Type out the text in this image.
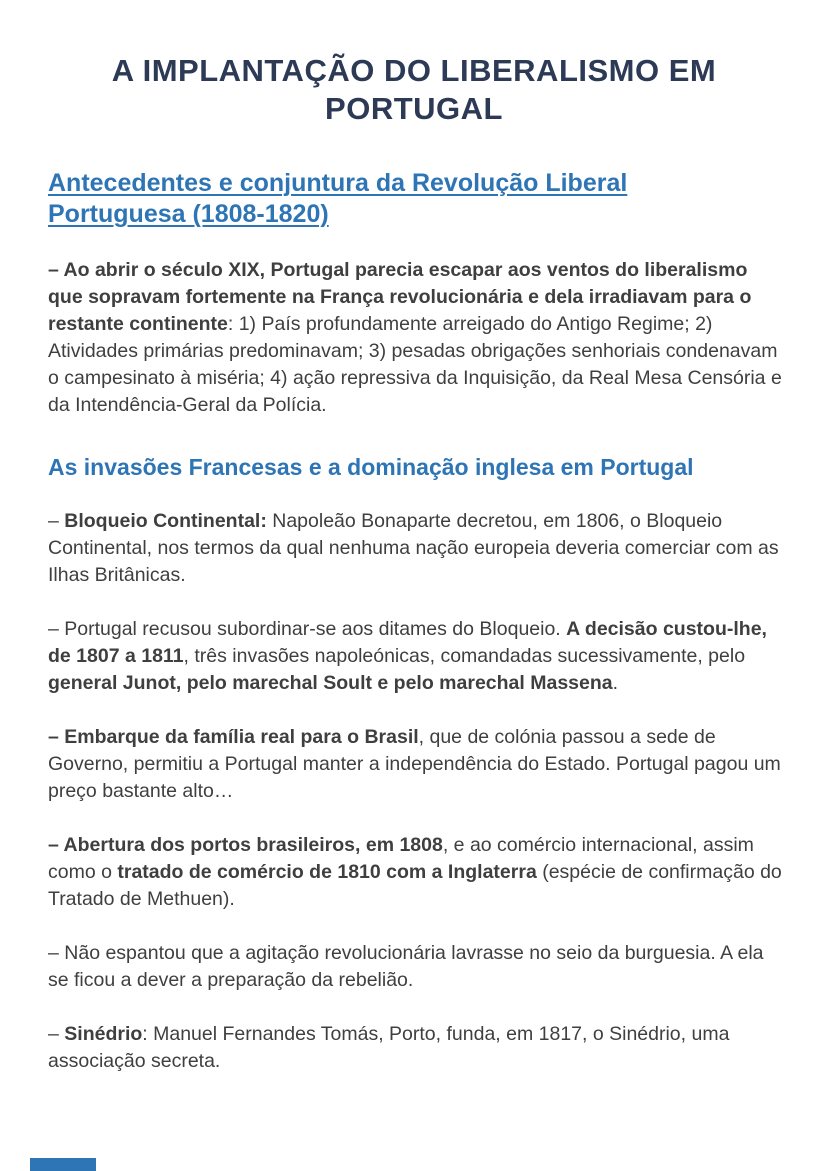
A IMPLANTAÇÃO DO LIBERALISMO EM PORTUGAL
Antecedentes e conjuntura da Revolução Liberal Portuguesa (1808-1820)

– Ao abrir o século XIX, Portugal parecia escapar aos ventos do liberalismo que sopravam fortemente na França revolucionária e dela irradiavam para o restante continente: 1) País profundamente arreigado do Antigo Regime; 2) Atividades primárias predominavam; 3) pesadas obrigações senhoriais condenavam o campesinato à miséria; 4) ação repressiva da Inquisição, da Real Mesa Censória e da Intendência-Geral da Polícia.

As invasões Francesas e a dominação inglesa em Portugal

– Bloqueio Continental: Napoleão Bonaparte decretou, em 1806, o Bloqueio Continental, nos termos da qual nenhuma nação europeia deveria comerciar com as Ilhas Britânicas.

– Portugal recusou subordinar-se aos ditames do Bloqueio. A decisão custou-lhe, de 1807 a 1811, três invasões napoleónicas, comandadas sucessivamente, pelo general Junot, pelo marechal Soult e pelo marechal Massena.

– Embarque da família real para o Brasil, que de colónia passou a sede de Governo, permitiu a Portugal manter a independência do Estado. Portugal pagou um preço bastante alto…

– Abertura dos portos brasileiros, em 1808, e ao comércio internacional, assim como o tratado de comércio de 1810 com a Inglaterra (espécie de confirmação do Tratado de Methuen).

– Não espantou que a agitação revolucionária lavrasse no seio da burguesia. A ela se ficou a dever a preparação da rebelião.

– Sinédrio: Manuel Fernandes Tomás, Porto, funda, em 1817, o Sinédrio, uma associação secreta.
